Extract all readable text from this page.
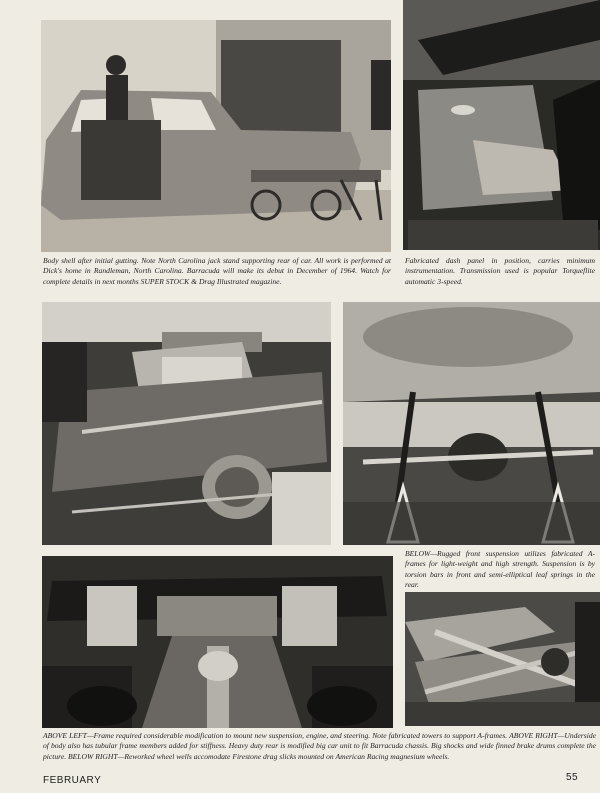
Body shell after initial gutting. Note North Carolina jack stand supporting rear of car. All work is performed at Dick's home in Randleman, North Carolina. Barracuda will make its debut in December of 1964. Watch for complete details in next months SUPER STOCK & Drag Illustrated magazine.

Fabricated dash panel in position, carries minimum instrumentation. Transmission used is popular Torqueflite automatic 3-speed.

BELOW—Rugged front suspension utilizes fabricated A-frames for light-weight and high strength. Suspension is by torsion bars in front and semi-elliptical leaf springs in the rear.

ABOVE LEFT—Frame required considerable modification to mount new suspension, engine, and steering. Note fabricated towers to support A-frames. ABOVE RIGHT—Underside of body also has tubular frame members added for stiffness. Heavy duty rear is modified big car unit to fit Barracuda chassis. Big shocks and wide finned brake drums complete the picture. BELOW RIGHT—Reworked wheel wells accomodate Firestone drag slicks mounted on American Racing magnesium wheels.

FEBRUARY	55
